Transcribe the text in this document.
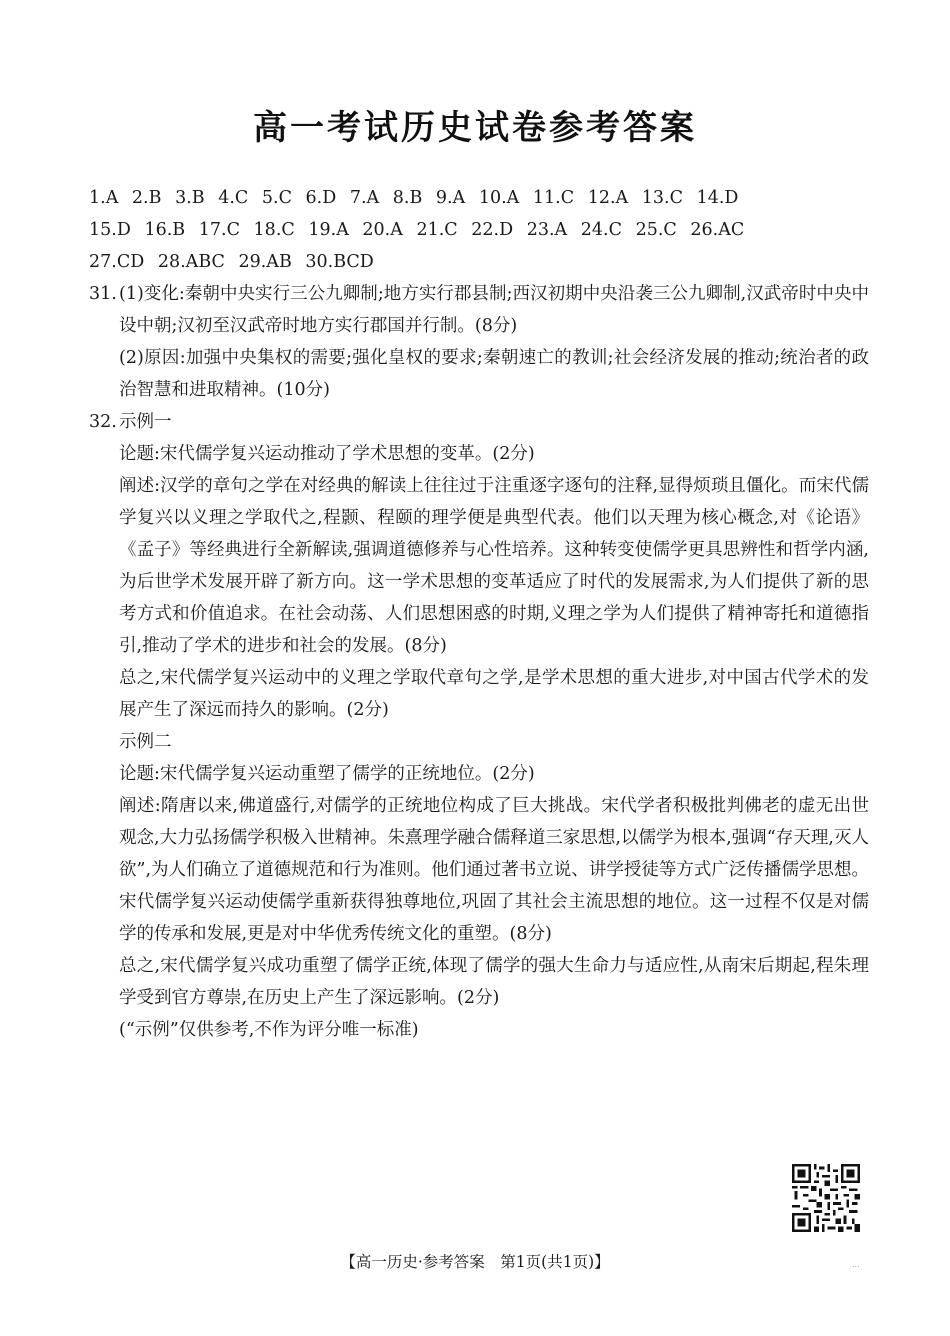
高一考试历史试卷参考答案
1.A 2.B 3.B 4.C 5.C 6.D 7.A 8.B 9.A 10.A 11.C 12.A 13.C 14.D
15.D 16.B 17.C 18.C 19.A 20.A 21.C 22.D 23.A 24.C 25.C 26.AC
27.CD 28.ABC 29.AB 30.BCD
31. (1)变化:秦朝中央实行三公九卿制;地方实行郡县制;西汉初期中央沿袭三公九卿制,汉武帝时中央中设中朝;汉初至汉武帝时地方实行郡国并行制。(8分)

(2)原因:加强中央集权的需要;强化皇权的要求;秦朝速亡的教训;社会经济发展的推动;统治者的政治智慧和进取精神。(10分)

32. 示例一

论题:宋代儒学复兴运动推动了学术思想的变革。(2分)

阐述:汉学的章句之学在对经典的解读上往往过于注重逐字逐句的注释,显得烦琐且僵化。而宋代儒学复兴以义理之学取代之,程颢、程颐的理学便是典型代表。他们以天理为核心概念,对《论语》《孟子》等经典进行全新解读,强调道德修养与心性培养。这种转变使儒学更具思辨性和哲学内涵,为后世学术发展开辟了新方向。这一学术思想的变革适应了时代的发展需求,为人们提供了新的思考方式和价值追求。在社会动荡、人们思想困惑的时期,义理之学为人们提供了精神寄托和道德指引,推动了学术的进步和社会的发展。(8分)

总之,宋代儒学复兴运动中的义理之学取代章句之学,是学术思想的重大进步,对中国古代学术的发展产生了深远而持久的影响。(2分)

示例二

论题:宋代儒学复兴运动重塑了儒学的正统地位。(2分)

阐述:隋唐以来,佛道盛行,对儒学的正统地位构成了巨大挑战。宋代学者积极批判佛老的虚无出世观念,大力弘扬儒学积极入世精神。朱熹理学融合儒释道三家思想,以儒学为根本,强调“存天理,灭人欲”,为人们确立了道德规范和行为准则。他们通过著书立说、讲学授徒等方式广泛传播儒学思想。宋代儒学复兴运动使儒学重新获得独尊地位,巩固了其社会主流思想的地位。这一过程不仅是对儒学的传承和发展,更是对中华优秀传统文化的重塑。(8分)

总之,宋代儒学复兴成功重塑了儒学正统,体现了儒学的强大生命力与适应性,从南宋后期起,程朱理学受到官方尊崇,在历史上产生了深远影响。(2分)

(“示例”仅供参考,不作为评分唯一标准)

【高一历史·参考答案　第1页(共1页)】	...
